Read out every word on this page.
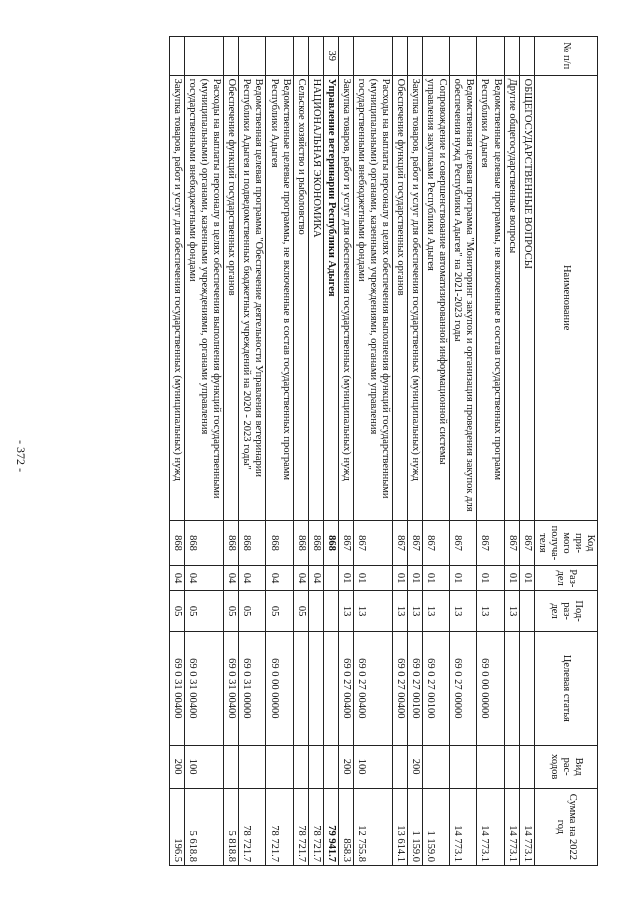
- 372 -
№ п/п	Наименование	Код при- мого получа- теля	Раз- дел	Под- раз- дел	Целевая статья	Вид рас- ходов	Сумма на 2022 год
	ОБЩЕГОСУДАРСТВЕННЫЕ ВОПРОСЫ	867	01				14 773.1
	Другие общегосударственные вопросы	867	01	13			14 773.1
	Ведомственные целевые программы, не включенные в состав государственных программ Республики Адыгея	867	01	13	69 0 00 00000		14 773.1
	Ведомственная целевая программа "Мониторинг закупок и организация проведения закупок для обеспечения нужд Республики Адыгея" на 2021-2023 годы	867	01	13	69 0 27 00000		14 773.1
	Сопровождение и совершенствование автоматизированной информационной системы управления закупками Республики Адыгея	867	01	13	69 0 27 00100		1 159.0
	Закупка товаров, работ и услуг для обеспечения государственных (муниципальных) нужд	867	01	13	69 0 27 00100	200	1 159.0
	Обеспечение функций государственных органов	867	01	13	69 0 27 00400		13 614.1
	Расходы на выплаты персоналу в целях обеспечения выполнения функций государственными (муниципальными) органами, казенными учреждениями, органами управления государственными внебюджетными фондами	867	01	13	69 0 27 00400	100	12 755.8
	Закупка товаров, работ и услуг для обеспечения государственных (муниципальных) нужд	867	01	13	69 0 27 00400	200	858.3
39	Управление ветеринарии Республики Адыгея	868					79 941.7
	НАЦИОНАЛЬНАЯ ЭКОНОМИКА	868	04				78 721.7
	Сельское хозяйство и рыболовство	868	04	05			78 721.7
	Ведомственные целевые программы, не включенные в состав государственных программ Республики Адыгея	868	04	05	69 0 00 00000		78 721.7
	Ведомственная целевая программа "Обеспечение деятельности Управления ветеринарии Республики Адыгея и подведомственных бюджетных учреждений на 2020 - 2023 годы"	868	04	05	69 0 31 00000		78 721.7
	Обеспечение функций государственных органов	868	04	05	69 0 31 00400		5 818.8
	Расходы на выплаты персоналу в целях обеспечения выполнения функций государственными (муниципальными) органами, казенными учреждениями, органами управления государственными внебюджетными фондами	868	04	05	69 0 31 00400	100	5 618.8
	Закупка товаров, работ и услуг для обеспечения государственных (муниципальных) нужд	868	04	05	69 0 31 00400	200	196.5
